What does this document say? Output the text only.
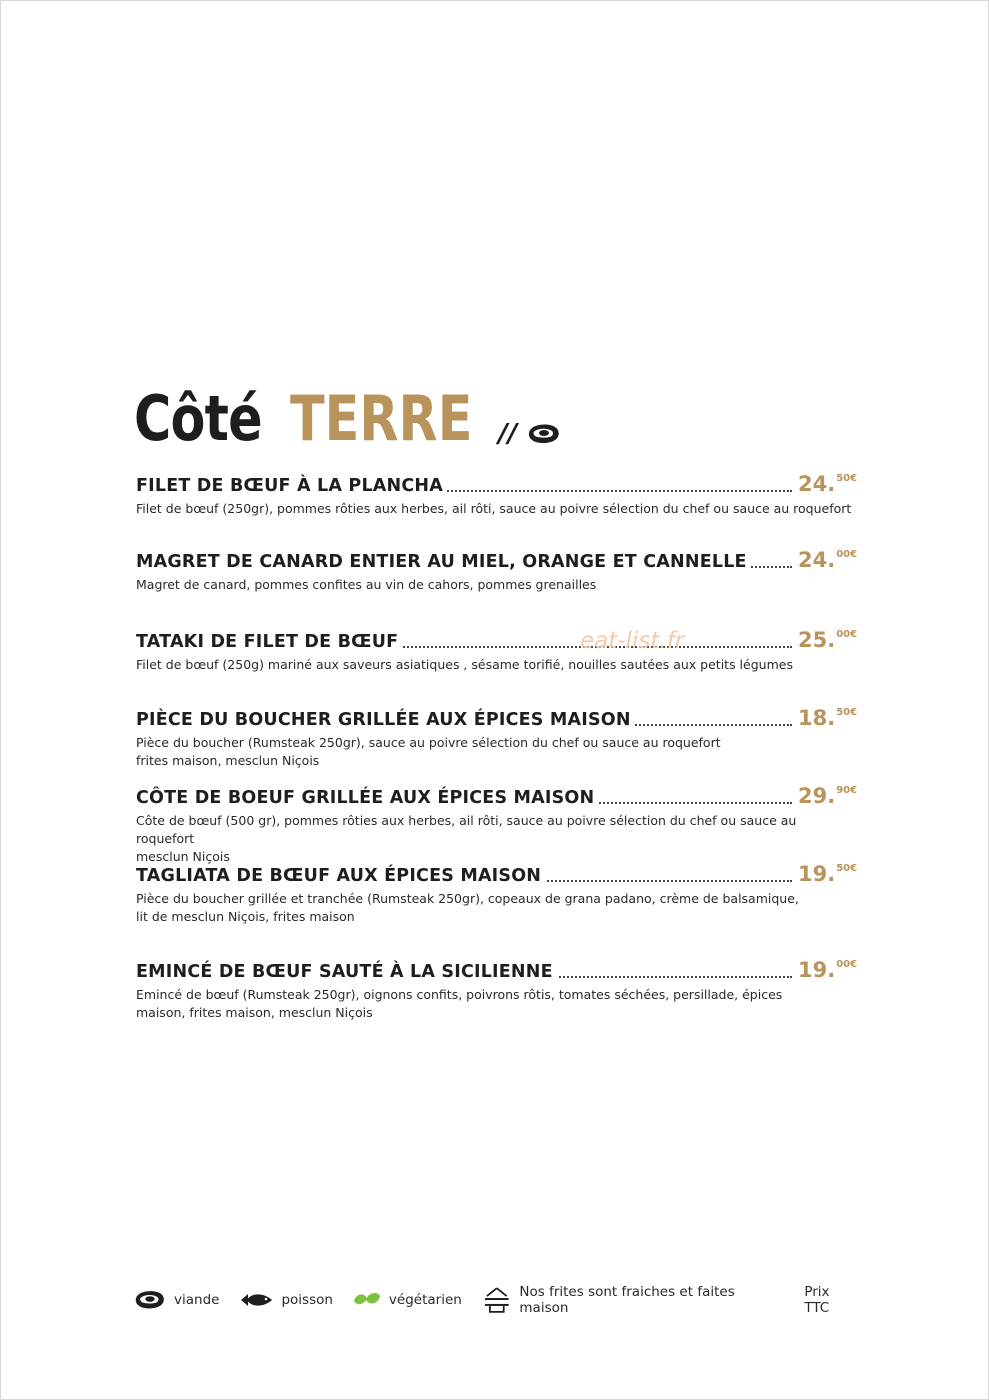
Côté TERRE //
FILET DE BŒUF À LA PLANCHA	24.$^{50€}$
Filet de bœuf (250gr), pommes rôties aux herbes, ail rôti, sauce au poivre sélection du chef ou sauce au roquefort
MAGRET DE CANARD ENTIER AU MIEL, ORANGE ET CANNELLE 24.$^{00€}$
Magret de canard, pommes confites au vin de cahors, pommes grenailles
TATAKI DE FILET DE BŒUF	25.$^{00€}$
Filet de bœuf (250g) mariné aux saveurs asiatiques , sésame torifié, nouilles sautées aux petits légumes
eat-list.fr
PIÈCE DU BOUCHER GRILLÉE AUX ÉPICES MAISON	18.$^{50€}$
Pièce du boucher (Rumsteak 250gr), sauce au poivre sélection du chef ou sauce au roquefort
frites maison, mesclun Niçois
CÔTE DE BOEUF GRILLÉE AUX ÉPICES MAISON	29.$^{90€}$
Côte de bœuf (500 gr), pommes rôties aux herbes, ail rôti, sauce au poivre sélection du chef ou sauce au roquefort
mesclun Niçois
TAGLIATA DE BŒUF AUX ÉPICES MAISON	19.$^{50€}$
Pièce du boucher grillée et tranchée (Rumsteak 250gr), copeaux de grana padano, crème de balsamique,
lit de mesclun Niçois, frites maison
EMINCÉ DE BŒUF SAUTÉ À LA SICILIENNE	19.$^{00€}$
Emincé de bœuf (Rumsteak 250gr), oignons confits, poivrons rôtis, tomates séchées, persillade, épices
maison, frites maison, mesclun Niçois
viande	poisson	végétarien	Nos frites sont fraiches et faites maison
Prix TTC
